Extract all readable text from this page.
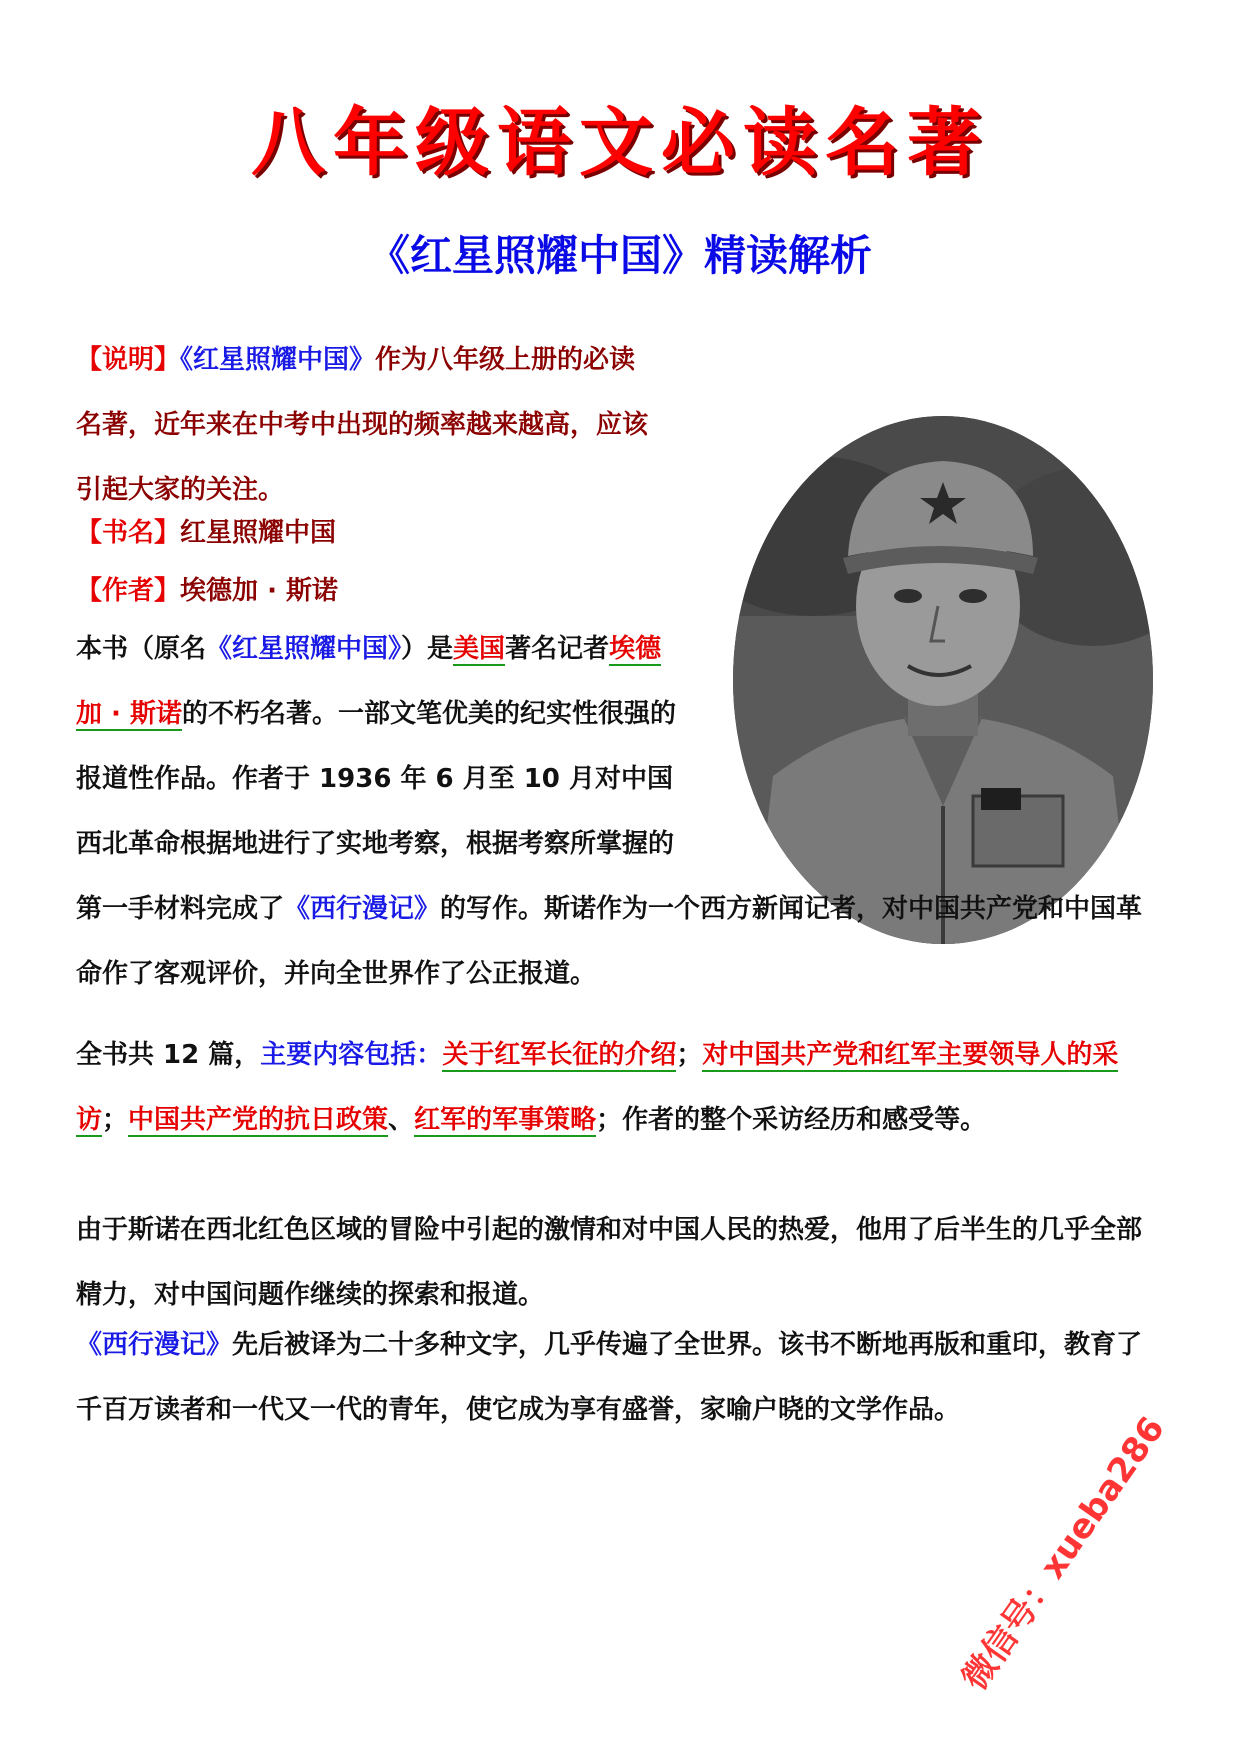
八年级语文必读名著
《红星照耀中国》精读解析

【说明】《红星照耀中国》作为八年级上册的必读名著，近年来在中考中出现的频率越来越高，应该引起大家的关注。

【书名】红星照耀中国

【作者】埃德加 · 斯诺

本书（原名《红星照耀中国》）是美国著名记者埃德加 · 斯诺的不朽名著。一部文笔优美的纪实性很强的报道性作品。作者于 1936 年 6 月至 10 月对中国西北革命根据地进行了实地考察，根据考察所掌握的第一手材料完成了《西行漫记》的写作。斯诺作为一个西方新闻记者，对中国共产党和中国革命作了客观评价，并向全世界作了公正报道。

全书共 12 篇，主要内容包括：关于红军长征的介绍；对中国共产党和红军主要领导人的采访；中国共产党的抗日政策、红军的军事策略；作者的整个采访经历和感受等。

由于斯诺在西北红色区域的冒险中引起的激情和对中国人民的热爱，他用了后半生的几乎全部精力，对中国问题作继续的探索和报道。

《西行漫记》先后被译为二十多种文字，几乎传遍了全世界。该书不断地再版和重印，教育了千百万读者和一代又一代的青年，使它成为享有盛誉，家喻户晓的文学作品。

微信号：xueba286
